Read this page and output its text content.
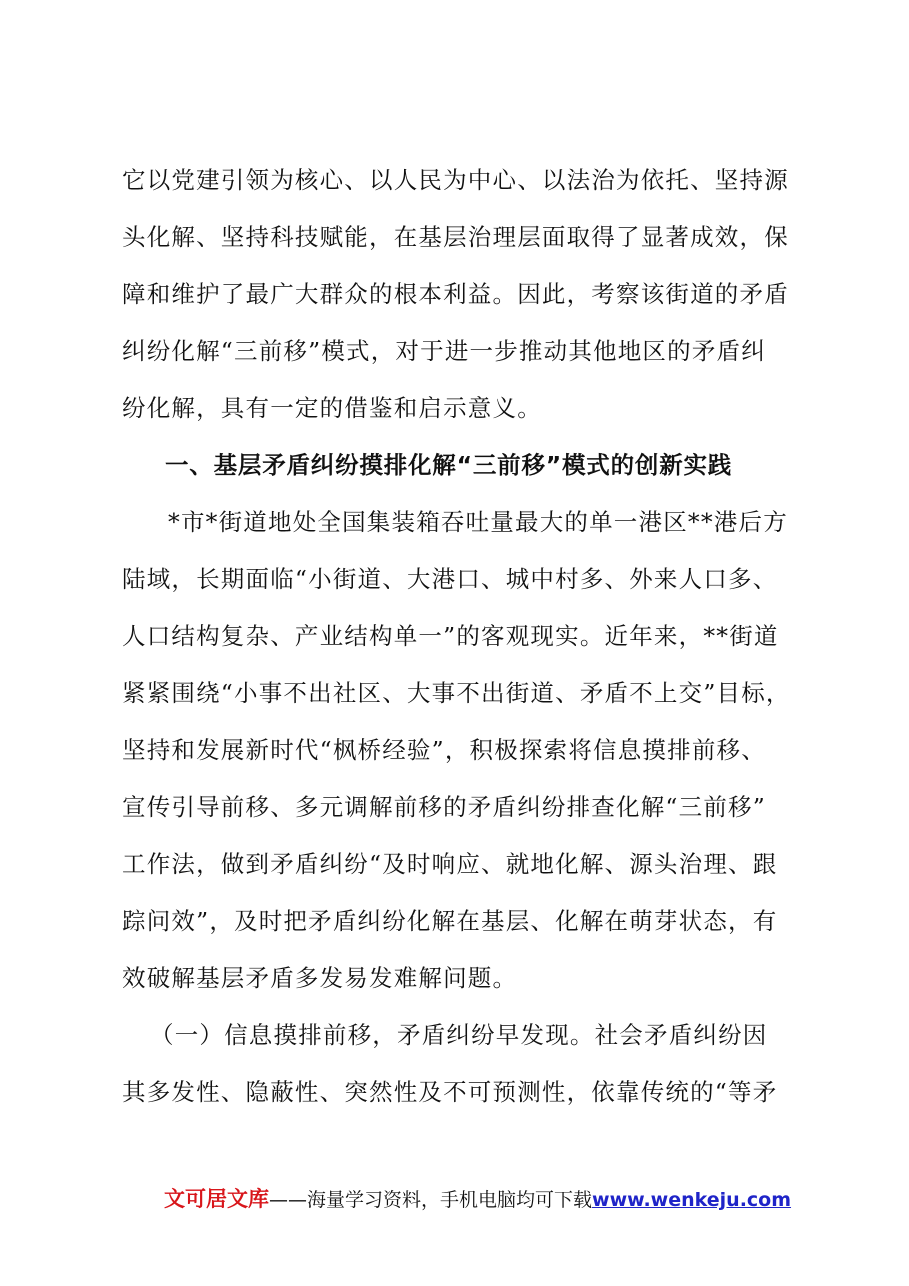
它以党建引领为核心、以人民为中心、以法治为依托、坚持源
头化解、坚持科技赋能，在基层治理层面取得了显著成效，保
障和维护了最广大群众的根本利益。因此，考察该街道的矛盾
纠纷化解“三前移”模式，对于进一步推动其他地区的矛盾纠
纷化解，具有一定的借鉴和启示意义。
一、基层矛盾纠纷摸排化解“三前移”模式的创新实践
*市*街道地处全国集装箱吞吐量最大的单一港区**港后方
陆域，长期面临“小街道、大港口、城中村多、外来人口多、
人口结构复杂、产业结构单一”的客观现实。近年来，**街道
紧紧围绕“小事不出社区、大事不出街道、矛盾不上交”目标，
坚持和发展新时代“枫桥经验”，积极探索将信息摸排前移、
宣传引导前移、多元调解前移的矛盾纠纷排查化解“三前移”
工作法，做到矛盾纠纷“及时响应、就地化解、源头治理、跟
踪问效”，及时把矛盾纠纷化解在基层、化解在萌芽状态，有
效破解基层矛盾多发易发难解问题。
（一）信息摸排前移，矛盾纠纷早发现。社会矛盾纠纷因
其多发性、隐蔽性、突然性及不可预测性，依靠传统的“等矛
文可居文库——海量学习资料，手机电脑均可下载www.wenkeju.com
